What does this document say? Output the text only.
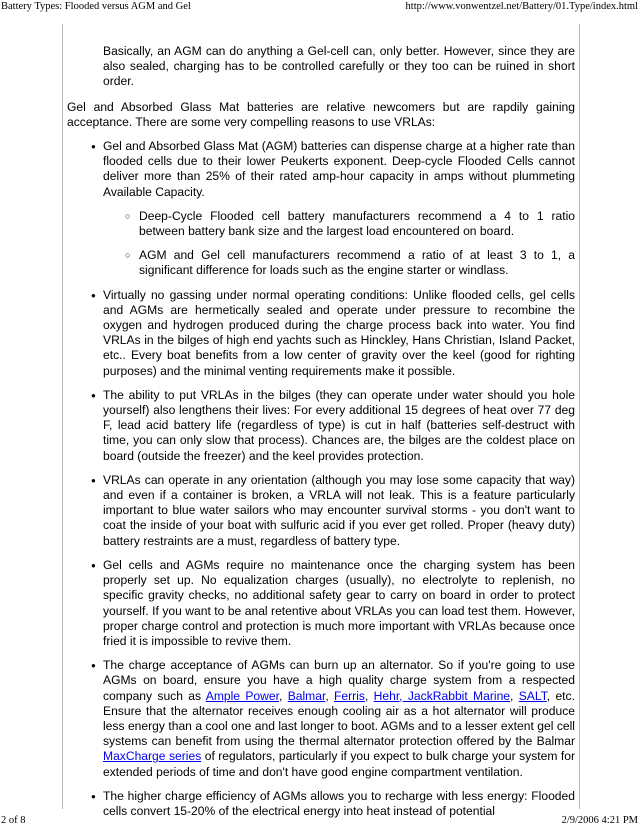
Battery Types: Flooded versus AGM and Gel	http://www.vonwentzel.net/Battery/01.Type/index.html

Basically, an AGM can do anything a Gel-cell can, only better. However, since they are also sealed, charging has to be controlled carefully or they too can be ruined in short order.

Gel and Absorbed Glass Mat batteries are relative newcomers but are rapdily gaining acceptance. There are some very compelling reasons to use VRLAs:

● Gel and Absorbed Glass Mat (AGM) batteries can dispense charge at a higher rate than flooded cells due to their lower Peukerts exponent. Deep-cycle Flooded Cells cannot deliver more than 25% of their rated amp-hour capacity in amps without plummeting Available Capacity.
○ Deep-Cycle Flooded cell battery manufacturers recommend a 4 to 1 ratio between battery bank size and the largest load encountered on board.
○ AGM and Gel cell manufacturers recommend a ratio of at least 3 to 1, a significant difference for loads such as the engine starter or windlass.
● Virtually no gassing under normal operating conditions: Unlike flooded cells, gel cells and AGMs are hermetically sealed and operate under pressure to recombine the oxygen and hydrogen produced during the charge process back into water. You find VRLAs in the bilges of high end yachts such as Hinckley, Hans Christian, Island Packet, etc.. Every boat benefits from a low center of gravity over the keel (good for righting purposes) and the minimal venting requirements make it possible.
● The ability to put VRLAs in the bilges (they can operate under water should you hole yourself) also lengthens their lives: For every additional 15 degrees of heat over 77 deg F, lead acid battery life (regardless of type) is cut in half (batteries self-destruct with time, you can only slow that process). Chances are, the bilges are the coldest place on board (outside the freezer) and the keel provides protection.
● VRLAs can operate in any orientation (although you may lose some capacity that way) and even if a container is broken, a VRLA will not leak. This is a feature particularly important to blue water sailors who may encounter survival storms - you don't want to coat the inside of your boat with sulfuric acid if you ever get rolled. Proper (heavy duty) battery restraints are a must, regardless of battery type.
● Gel cells and AGMs require no maintenance once the charging system has been properly set up. No equalization charges (usually), no electrolyte to replenish, no specific gravity checks, no additional safety gear to carry on board in order to protect yourself. If you want to be anal retentive about VRLAs you can load test them. However, proper charge control and protection is much more important with VRLAs because once fried it is impossible to revive them.
● The charge acceptance of AGMs can burn up an alternator. So if you're going to use AGMs on board, ensure you have a high quality charge system from a respected company such as Ample Power, Balmar, Ferris, Hehr, JackRabbit Marine, SALT, etc. Ensure that the alternator receives enough cooling air as a hot alternator will produce less energy than a cool one and last longer to boot. AGMs and to a lesser extent gel cell systems can benefit from using the thermal alternator protection offered by the Balmar MaxCharge series of regulators, particularly if you expect to bulk charge your system for extended periods of time and don't have good engine compartment ventilation.
● The higher charge efficiency of AGMs allows you to recharge with less energy: Flooded cells convert 15-20% of the electrical energy into heat instead of potential
2 of 8	2/9/2006 4:21 PM
